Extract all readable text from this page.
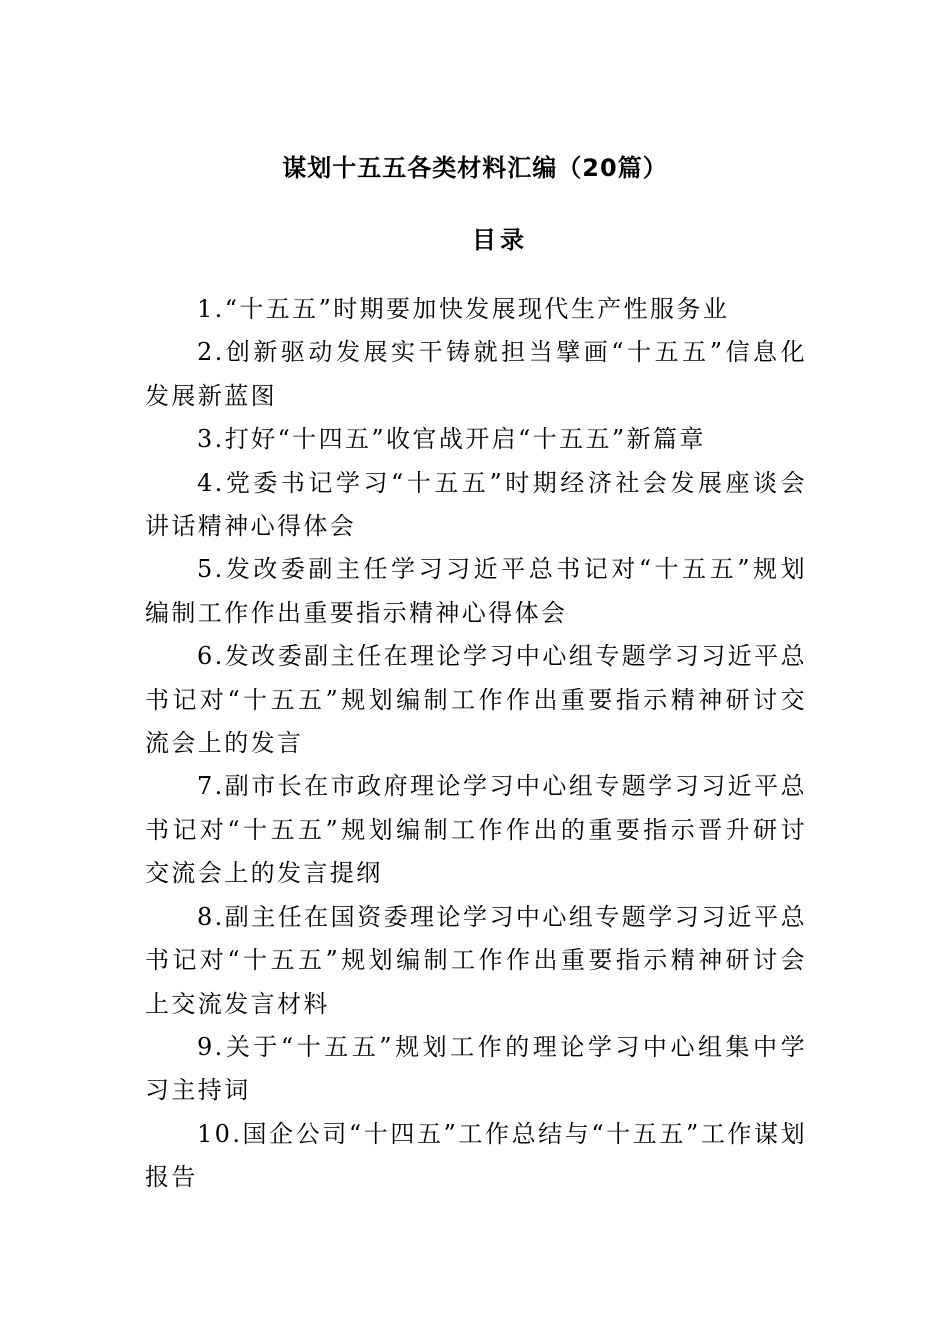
谋划十五五各类材料汇编（20篇）
目录
1.“十五五”时期要加快发展现代生产性服务业
2.创新驱动发展实干铸就担当擘画“十五五”信息化发展新蓝图
3.打好“十四五”收官战开启“十五五”新篇章
4.党委书记学习“十五五”时期经济社会发展座谈会讲话精神心得体会
5.发改委副主任学习习近平总书记对“十五五”规划编制工作作出重要指示精神心得体会
6.发改委副主任在理论学习中心组专题学习习近平总书记对“十五五”规划编制工作作出重要指示精神研讨交流会上的发言
7.副市长在市政府理论学习中心组专题学习习近平总书记对“十五五”规划编制工作作出的重要指示晋升研讨交流会上的发言提纲
8.副主任在国资委理论学习中心组专题学习习近平总书记对“十五五”规划编制工作作出重要指示精神研讨会上交流发言材料
9.关于“十五五”规划工作的理论学习中心组集中学习主持词
10.国企公司“十四五”工作总结与“十五五”工作谋划报告
